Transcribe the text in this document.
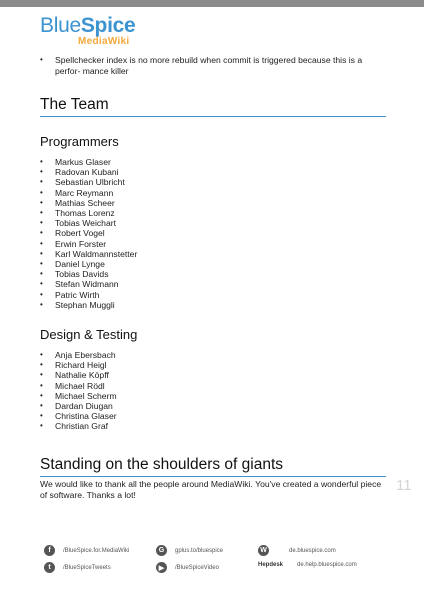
BlueSpice
MediaWiki
• Spellchecker index is no more rebuild when commit is triggered because this is a perfor- mance killer
The Team
Programmers
• Markus Glaser
• Radovan Kubani
• Sebastian Ulbricht
• Marc Reymann
• Mathias Scheer
• Thomas Lorenz
• Tobias Weichart
• Robert Vogel
• Erwin Forster
• Karl Waldmannstetter
• Daniel Lynge
• Tobias Davids
• Stefan Widmann
• Patric Wirth
• Stephan Muggli
Design & Testing
• Anja Ebersbach
• Richard Heigl
• Nathalie Köpff
• Michael Rödl
• Michael Scherm
• Dardan Diugan
• Christina Glaser
• Christian Graf
Standing on the shoulders of giants
We would like to thank all the people around MediaWiki. You've created a wonderful piece of software. Thanks a lot!
11
f	/BlueSpice.for.MediaWiki	G	gplus.to/bluespice	W	de.bluespice.com
t	/BlueSpiceTweets	▶	/BlueSpiceVideo	Hepdesk de.help.bluespice.com
